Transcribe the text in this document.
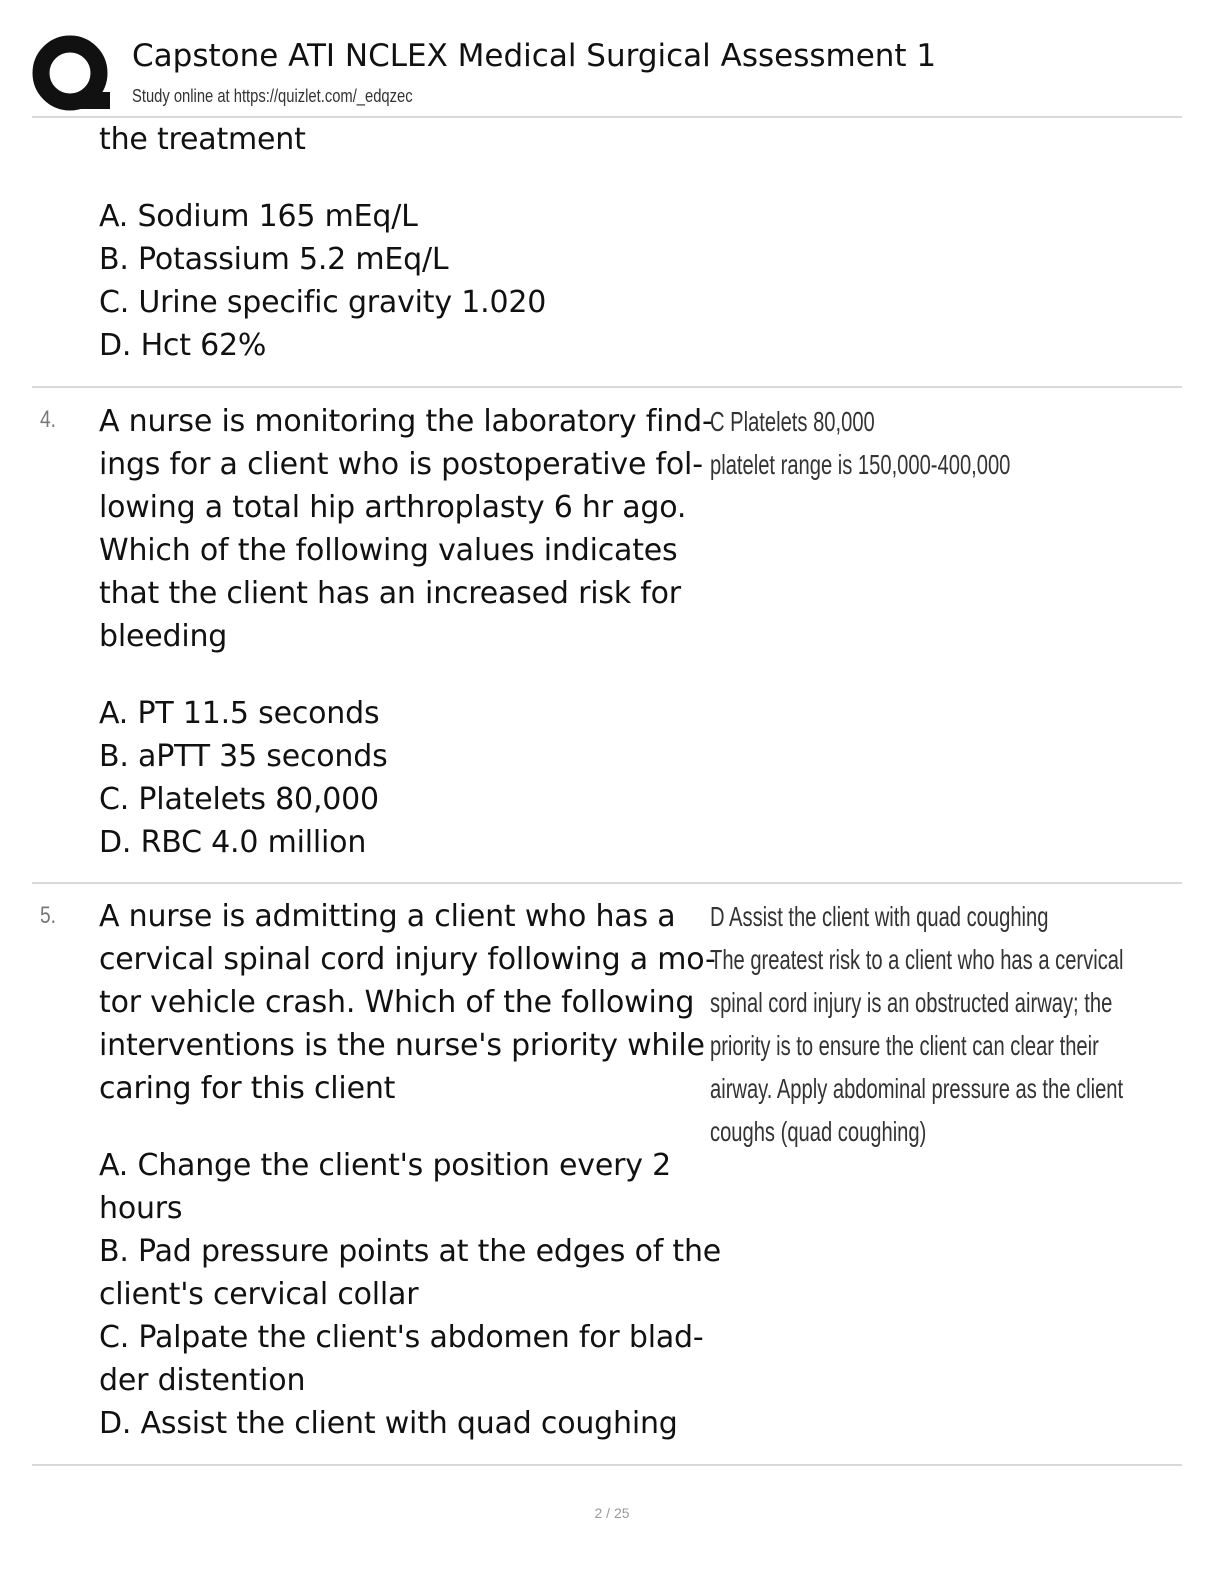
Capstone ATI NCLEX Medical Surgical Assessment 1
Study online at https://quizlet.com/_edqzec
the treatment
A. Sodium 165 mEq/L
B. Potassium 5.2 mEq/L
C. Urine specific gravity 1.020
D. Hct 62%
4. A nurse is monitoring the laboratory find-
ings for a client who is postoperative fol-
lowing a total hip arthroplasty 6 hr ago.
Which of the following values indicates
that the client has an increased risk for
bleeding
A. PT 11.5 seconds
B. aPTT 35 seconds
C. Platelets 80,000
D. RBC 4.0 million
C Platelets 80,000
platelet range is 150,000-400,000
5. A nurse is admitting a client who has a
cervical spinal cord injury following a mo-
tor vehicle crash. Which of the following
interventions is the nurse's priority while
caring for this client
A. Change the client's position every 2
hours
B. Pad pressure points at the edges of the
client's cervical collar
C. Palpate the client's abdomen for blad-
der distention
D. Assist the client with quad coughing
D Assist the client with quad coughing
The greatest risk to a client who has a cervical
spinal cord injury is an obstructed airway; the
priority is to ensure the client can clear their
airway. Apply abdominal pressure as the client
coughs (quad coughing)
2 / 25
